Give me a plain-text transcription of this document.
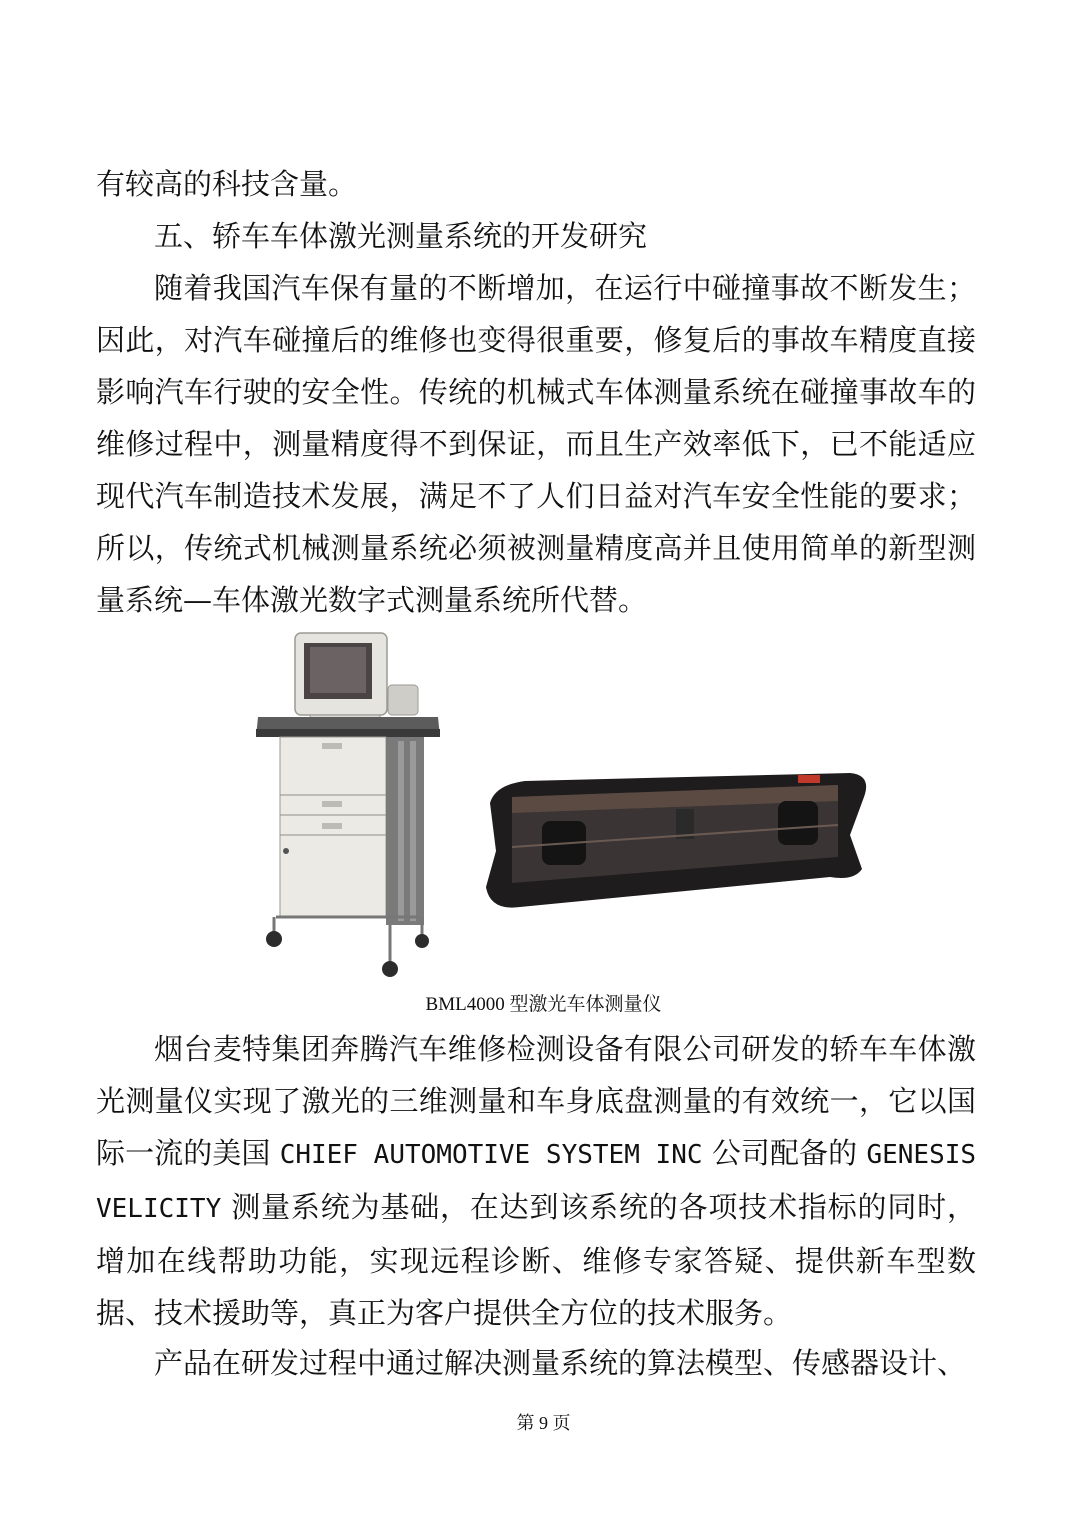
有较高的科技含量。

五、轿车车体激光测量系统的开发研究

随着我国汽车保有量的不断增加，在运行中碰撞事故不断发生；因此，对汽车碰撞后的维修也变得很重要，修复后的事故车精度直接影响汽车行驶的安全性。传统的机械式车体测量系统在碰撞事故车的维修过程中，测量精度得不到保证，而且生产效率低下，已不能适应现代汽车制造技术发展，满足不了人们日益对汽车安全性能的要求；所以，传统式机械测量系统必须被测量精度高并且使用简单的新型测量系统—车体激光数字式测量系统所代替。

BML4000 型激光车体测量仪

烟台麦特集团奔腾汽车维修检测设备有限公司研发的轿车车体激光测量仪实现了激光的三维测量和车身底盘测量的有效统一，它以国际一流的美国 CHIEF AUTOMOTIVE SYSTEM INC 公司配备的 GENESIS VELICITY 测量系统为基础，在达到该系统的各项技术指标的同时，增加在线帮助功能，实现远程诊断、维修专家答疑、提供新车型数据、技术援助等，真正为客户提供全方位的技术服务。

产品在研发过程中通过解决测量系统的算法模型、传感器设计、

第 9 页
